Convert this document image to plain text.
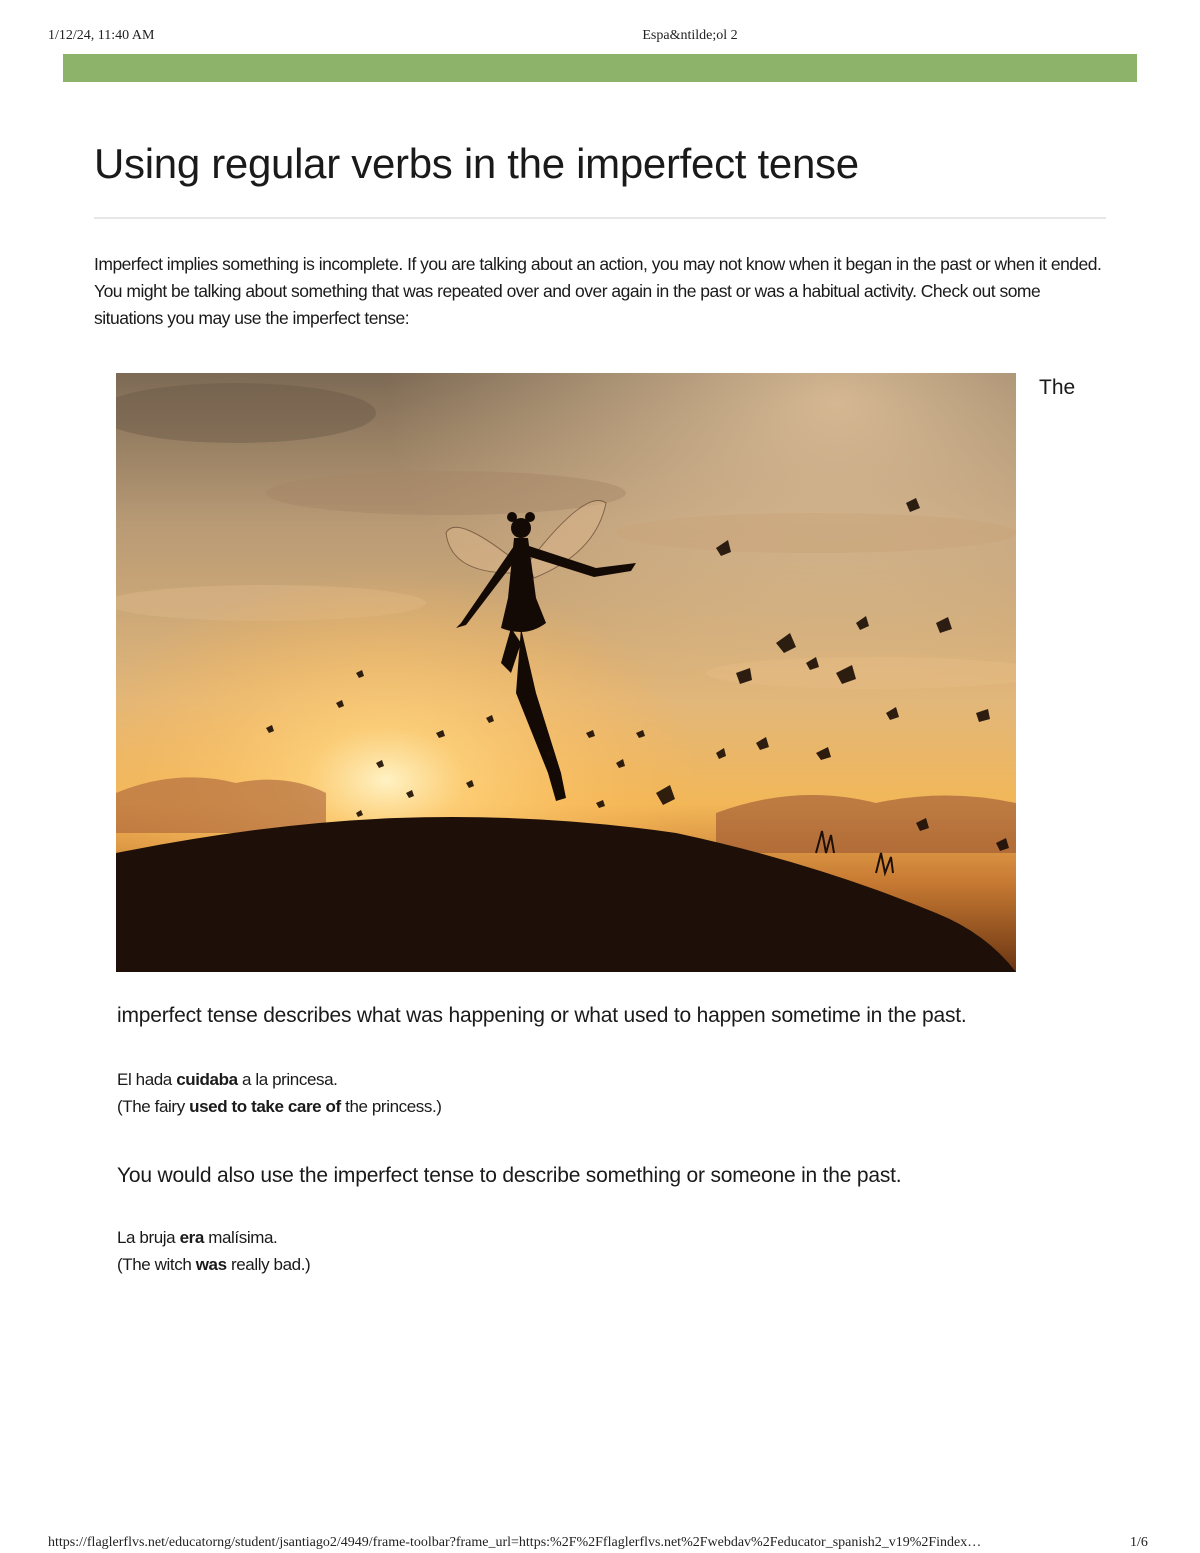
1/12/24, 11:40 AM	Espa&ntilde;ol 2
Using regular verbs in the imperfect tense

Imperfect implies something is incomplete. If you are talking about an action, you may not know when it began in the past or when it ended. You might be talking about something that was repeated over and over again in the past or was a habitual activity. Check out some situations you may use the imperfect tense:

The

imperfect tense describes what was happening or what used to happen sometime in the past.

El hada cuidaba a la princesa.
(The fairy used to take care of the princess.)

You would also use the imperfect tense to describe something or someone in the past.

La bruja era malísima.
(The witch was really bad.)
https://flaglerflvs.net/educatorng/student/jsantiago2/4949/frame-toolbar?frame_url=https:%2F%2Fflaglerflvs.net%2Fwebdav%2Feducator_spanish2_v19%2Findex…	1/6
